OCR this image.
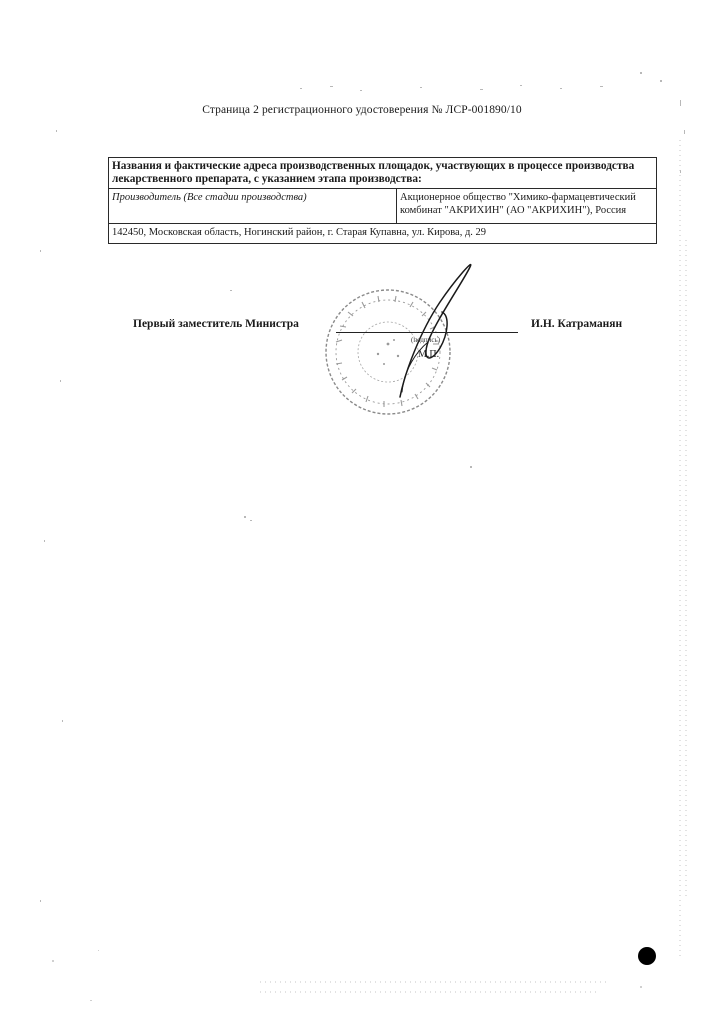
Страница 2 регистрационного удостоверения № ЛСР-001890/10
Названия и фактические адреса производственных площадок, участвующих в процессе производства лекарственного препарата, с указанием этапа производства:
Производитель (Все стадии производства)	Акционерное общество "Химико-фармацевтический комбинат "АКРИХИН" (АО "АКРИХИН"), Россия
142450, Московская область, Ногинский район, г. Старая Купавна, ул. Кирова, д. 29
Первый заместитель Министра	И.Н. Катраманян
(подпись)
М.П.
